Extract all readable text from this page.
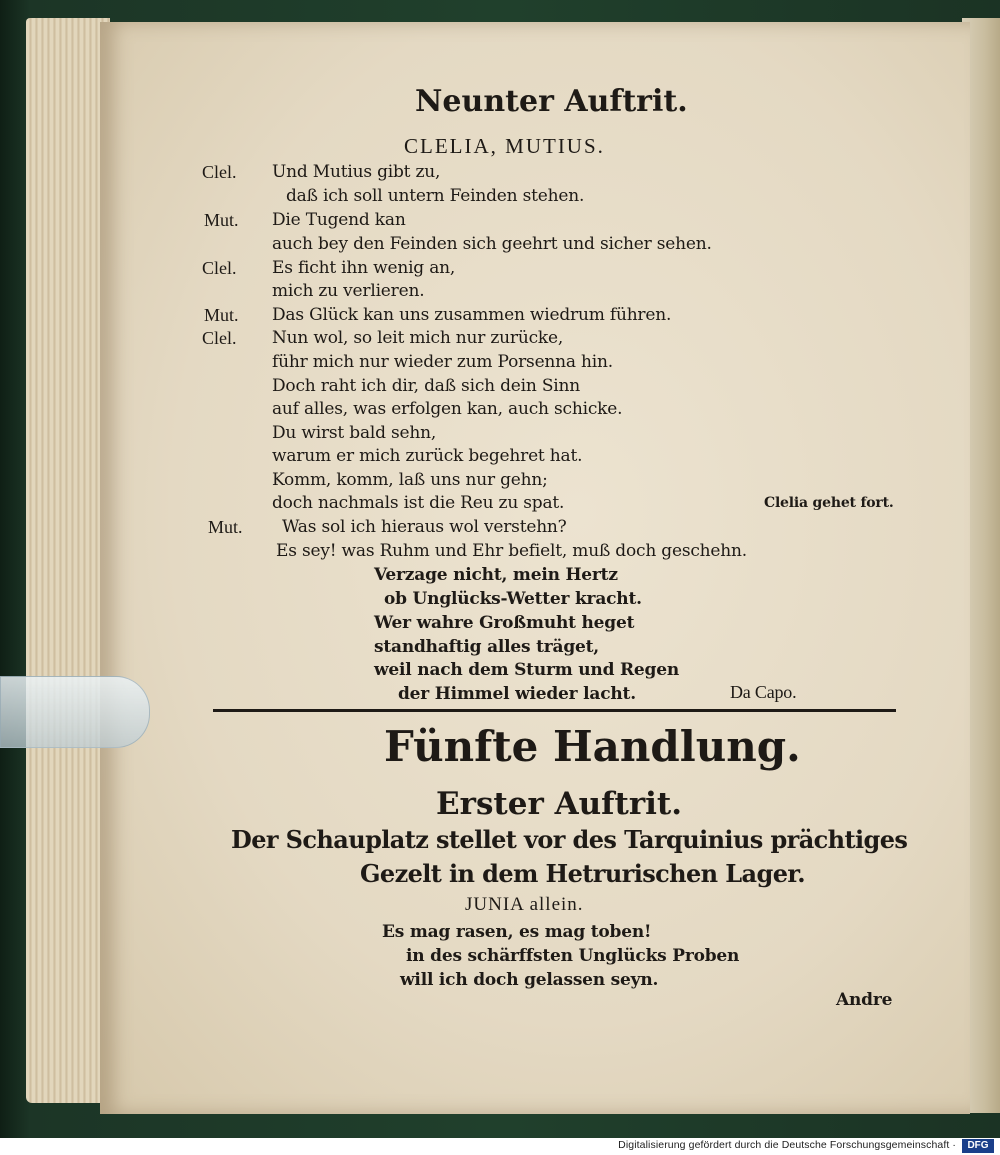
Neunter Auftrit.
CLELIA, MUTIUS.
Clel.
Mut.
Clel.
Mut.
Clel.
Mut.
Und Mutius gibt zu,
daß ich soll untern Feinden stehen.
Die Tugend kan
auch bey den Feinden sich geehrt und sicher sehen.
Es ficht ihn wenig an,
mich zu verlieren.
Das Glück kan uns zusammen wiedrum führen.
Nun wol, so leit mich nur zurücke,
führ mich nur wieder zum Porsenna hin.
Doch raht ich dir, daß sich dein Sinn
auf alles, was erfolgen kan, auch schicke.
Du wirst bald sehn,
warum er mich zurück begehret hat.
Komm, komm, laß uns nur gehn;
doch nachmals ist die Reu zu spat.
Was sol ich hieraus wol verstehn?
Es sey! was Ruhm und Ehr befielt, muß doch geschehn.
Clelia gehet fort.
Verzage nicht, mein Hertz
ob Unglücks-Wetter kracht.
Wer wahre Großmuht heget
standhaftig alles träget,
weil nach dem Sturm und Regen
der Himmel wieder lacht.	Da Capo.
Fünfte Handlung.
Erster Auftrit.
Der Schauplatz stellet vor des Tarquinius prächtiges
Gezelt in dem Hetrurischen Lager.
JUNIA allein.
Es mag rasen, es mag toben!
in des schärffsten Unglücks Proben
will ich doch gelassen seyn.
Andre
Digitalisierung gefördert durch die Deutsche Forschungsgemeinschaft ·	DFG
